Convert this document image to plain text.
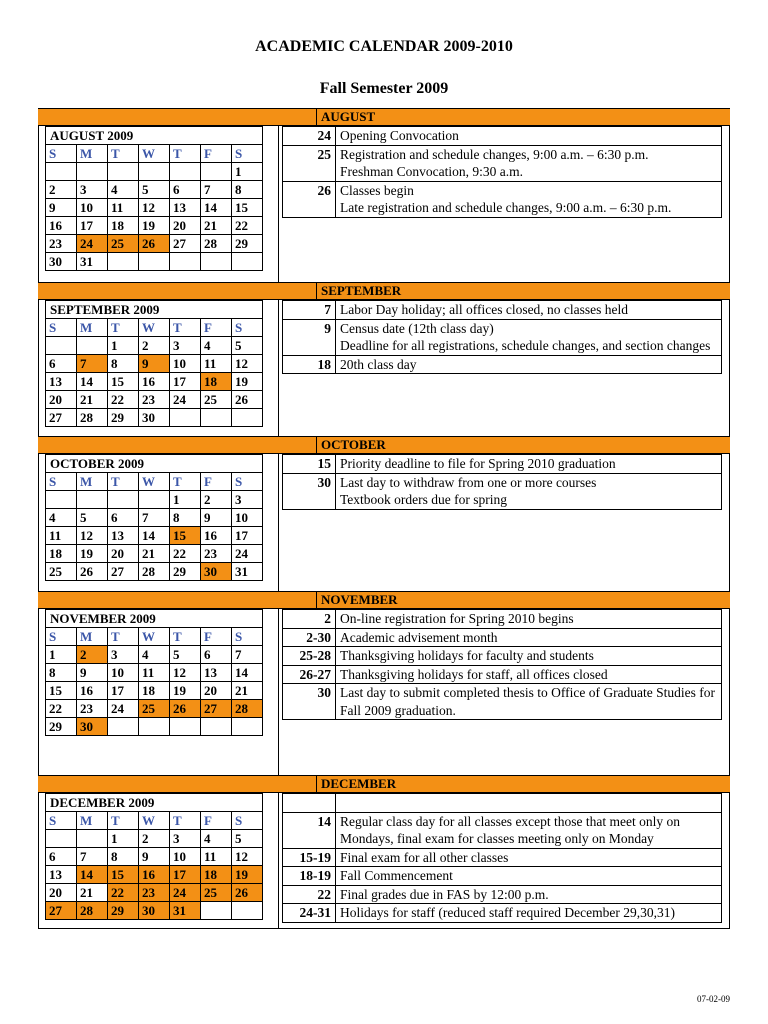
ACADEMIC CALENDAR 2009-2010
Fall Semester 2009
AUGUST
AUGUST 2009						
S	M	T	W	T	F	S
						1
2	3	4	5	6	7	8
9	10	11	12	13	14	15
16	17	18	19	20	21	22
23	24	25	26	27	28	29
30	31					
24	Opening Convocation

25	Registration and schedule changes, 9:00 a.m. – 6:30 p.m.
Freshman Convocation, 9:30 a.m.

26	Classes begin
Late registration and schedule changes, 9:00 a.m. – 6:30 p.m.
SEPTEMBER
SEPTEMBER 2009						
S	M	T	W	T	F	S
		1	2	3	4	5
6	7	8	9	10	11	12
13	14	15	16	17	18	19
20	21	22	23	24	25	26
27	28	29	30			
7	Labor Day holiday; all offices closed, no classes held

9	Census date (12th class day)
Deadline for all registrations, schedule changes, and section changes

18	20th class day
OCTOBER
OCTOBER 2009						
S	M	T	W	T	F	S
				1	2	3
4	5	6	7	8	9	10
11	12	13	14	15	16	17
18	19	20	21	22	23	24
25	26	27	28	29	30	31
15	Priority deadline to file for Spring 2010 graduation

30	Last day to withdraw from one or more courses
Textbook orders due for spring
NOVEMBER
NOVEMBER 2009						
S	M	T	W	T	F	S
1	2	3	4	5	6	7
8	9	10	11	12	13	14
15	16	17	18	19	20	21
22	23	24	25	26	27	28
29	30					
2	On-line registration for Spring 2010 begins

2-30	Academic advisement month

25-28	Thanksgiving holidays for faculty and students

26-27	Thanksgiving holidays for staff, all offices closed

30	Last day to submit completed thesis to Office of Graduate Studies for Fall 2009 graduation.
DECEMBER
DECEMBER 2009						
S	M	T	W	T	F	S
		1	2	3	4	5
6	7	8	9	10	11	12
13	14	15	16	17	18	19
20	21	22	23	24	25	26
27	28	29	30	31		

14	Regular class day for all classes except those that meet only on Mondays, final exam for classes meeting only on Monday

15-19	Final exam for all other classes

18-19	Fall Commencement

22	Final grades due in FAS by 12:00 p.m.

24-31	Holidays for staff (reduced staff required December 29,30,31)
07-02-09
